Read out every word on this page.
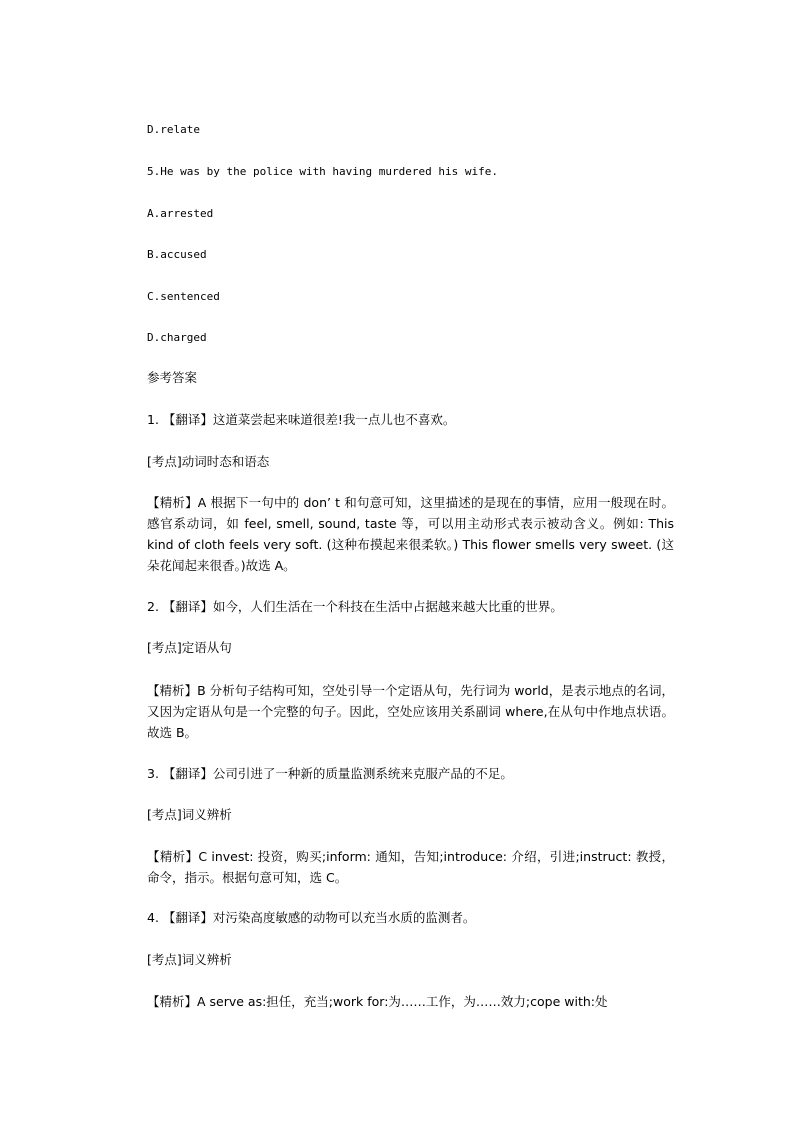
D.relate
5.He was by the police with having murdered his wife.
A.arrested
B.accused
C.sentenced
D.charged
参考答案
1. 【翻译】这道菜尝起来味道很差!我一点儿也不喜欢。
[考点]动词时态和语态
【精析】A 根据下一句中的 don’ t 和句意可知，这里描述的是现在的事情，应用一般现在时。感官系动词，如 feel, smell, sound, taste 等，可以用主动形式表示被动含义。例如: This kind of cloth feels very soft. (这种布摸起来很柔软。) This flower smells very sweet. (这朵花闻起来很香。)故选 A。
2. 【翻译】如今，人们生活在一个科技在生活中占据越来越大比重的世界。
[考点]定语从句
【精析】B 分析句子结构可知，空处引导一个定语从句，先行词为 world，是表示地点的名词，又因为定语从句是一个完整的句子。因此，空处应该用关系副词 where,在从句中作地点状语。故选 B。
3. 【翻译】公司引进了一种新的质量监测系统来克服产品的不足。
[考点]词义辨析
【精析】C invest: 投资，购买;inform: 通知，告知;introduce: 介绍，引进;instruct: 教授，命令，指示。根据句意可知，选 C。
4. 【翻译】对污染高度敏感的动物可以充当水质的监测者。
[考点]词义辨析
【精析】A serve as:担任，充当;work for:为……工作，为……效力;cope with:处
